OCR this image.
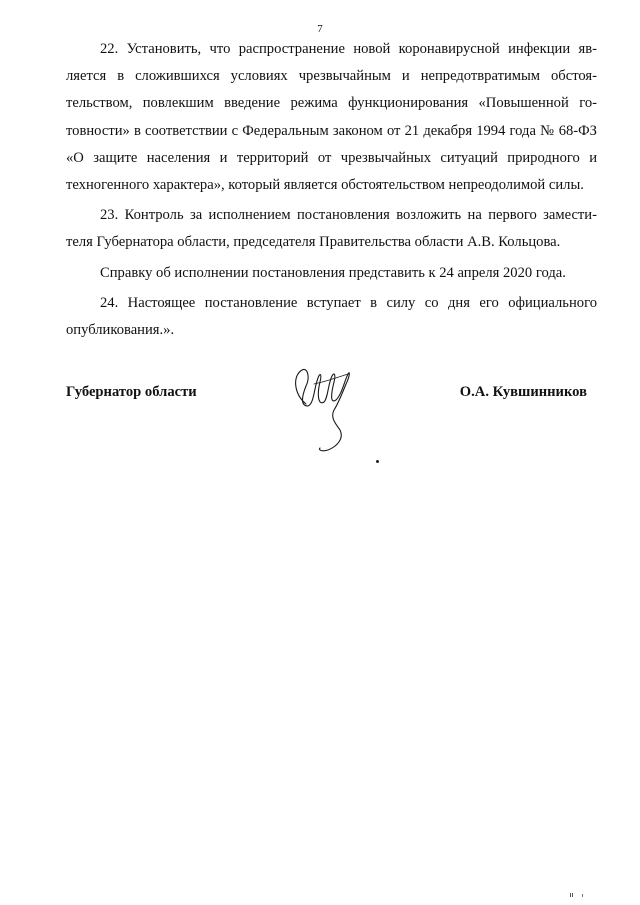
7

22. Установить, что распространение новой коронавирусной инфекции является в сложившихся условиях чрезвычайным и непредотвратимым обстоятельством, повлекшим введение режима функционирования «Повышенной готовности» в соответствии с Федеральным законом от 21 декабря 1994 года № 68-ФЗ «О защите населения и территорий от чрезвычайных ситуаций природного и техногенного характера», который является обстоятельством непреодолимой силы.

23. Контроль за исполнением постановления возложить на первого заместителя Губернатора области, председателя Правительства области А.В. Кольцова.

Справку об исполнении постановления представить к 24 апреля 2020 года.

24. Настоящее постановление вступает в силу со дня его официального опубликования.».

Губернатор области	О.А. Кувшинников
